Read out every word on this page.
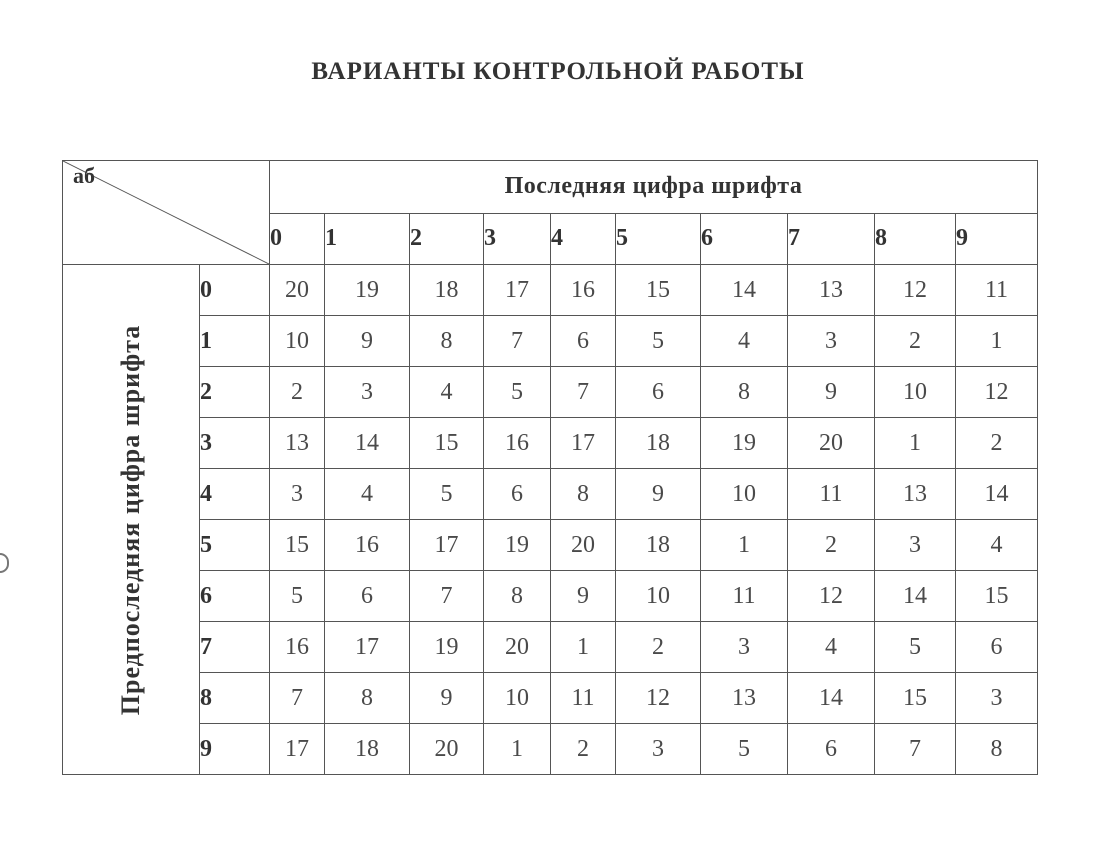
ВАРИАНТЫ КОНТРОЛЬНОЙ РАБОТЫ
аб		Последняя цифра шрифта									
		0	1	2	3	4	5	6	7	8	9

Предпоследняя цифра шрифта	0	20	19	18	17	16	15	14	13	12	11
	1	10	9	8	7	6	5	4	3	2	1
	2	2	3	4	5	7	6	8	9	10	12
	3	13	14	15	16	17	18	19	20	1	2
	4	3	4	5	6	8	9	10	11	13	14
	5	15	16	17	19	20	18	1	2	3	4
	6	5	6	7	8	9	10	11	12	14	15
	7	16	17	19	20	1	2	3	4	5	6
	8	7	8	9	10	11	12	13	14	15	3
	9	17	18	20	1	2	3	5	6	7	8
